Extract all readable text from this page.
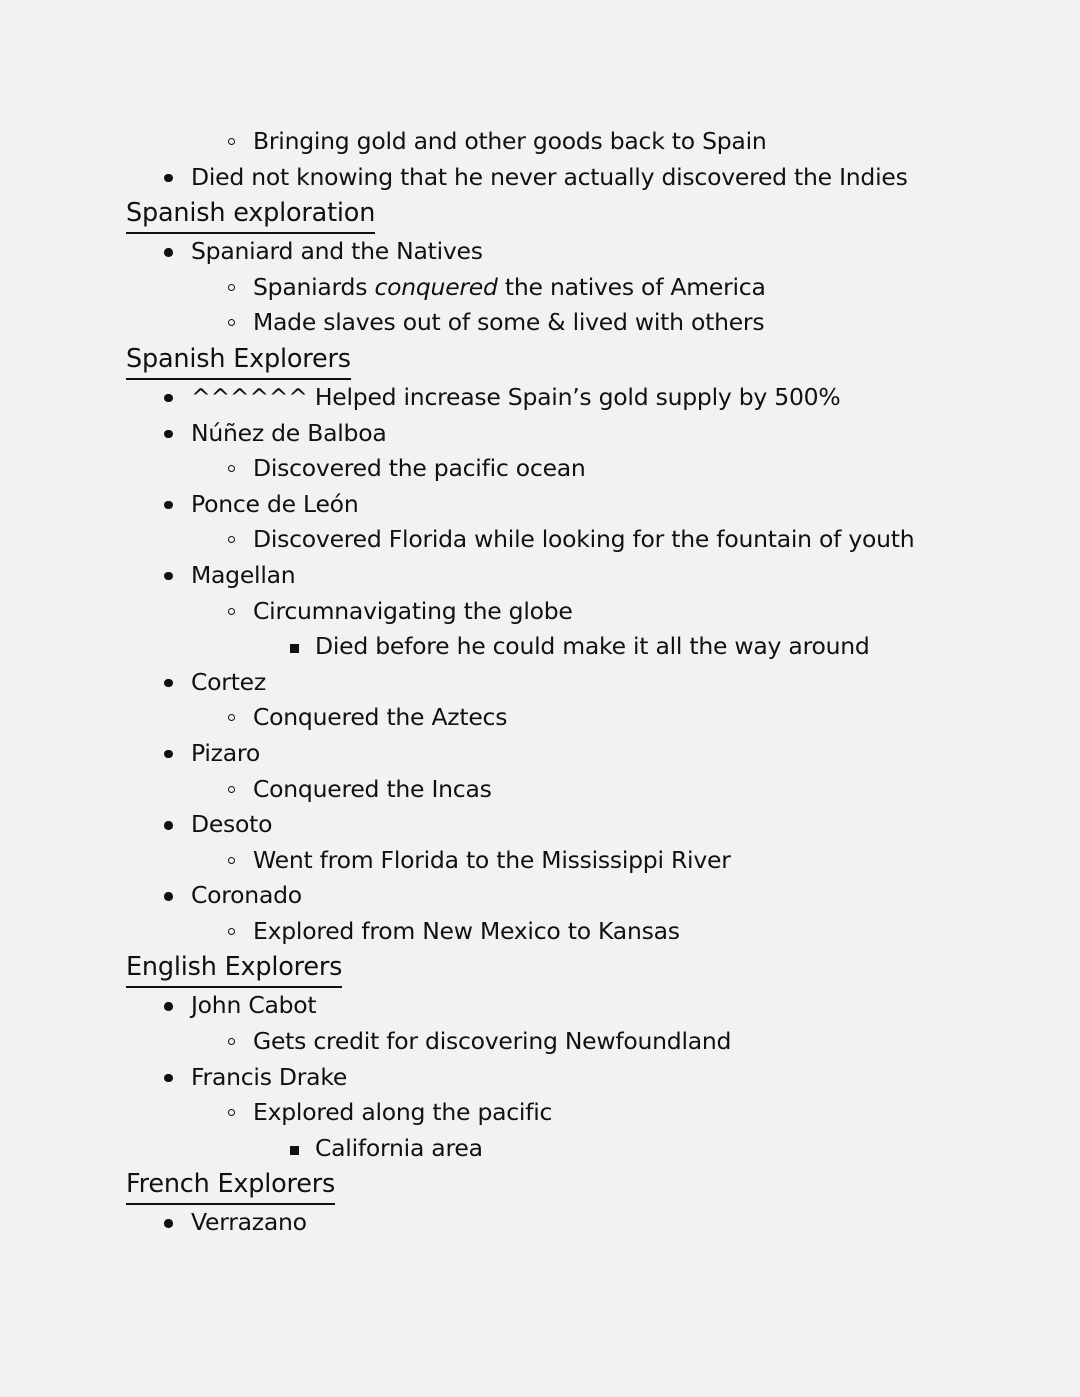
Bringing gold and other goods back to Spain
Died not knowing that he never actually discovered the Indies
Spanish exploration
Spaniard and the Natives
Spaniards conquered the natives of America
Made slaves out of some & lived with others
Spanish Explorers
^^^^^^ Helped increase Spain’s gold supply by 500%
Núñez de Balboa
Discovered the pacific ocean
Ponce de León
Discovered Florida while looking for the fountain of youth
Magellan
Circumnavigating the globe
Died before he could make it all the way around
Cortez
Conquered the Aztecs
Pizaro
Conquered the Incas
Desoto
Went from Florida to the Mississippi River
Coronado
Explored from New Mexico to Kansas
English Explorers
John Cabot
Gets credit for discovering Newfoundland
Francis Drake
Explored along the pacific
California area
French Explorers
Verrazano
